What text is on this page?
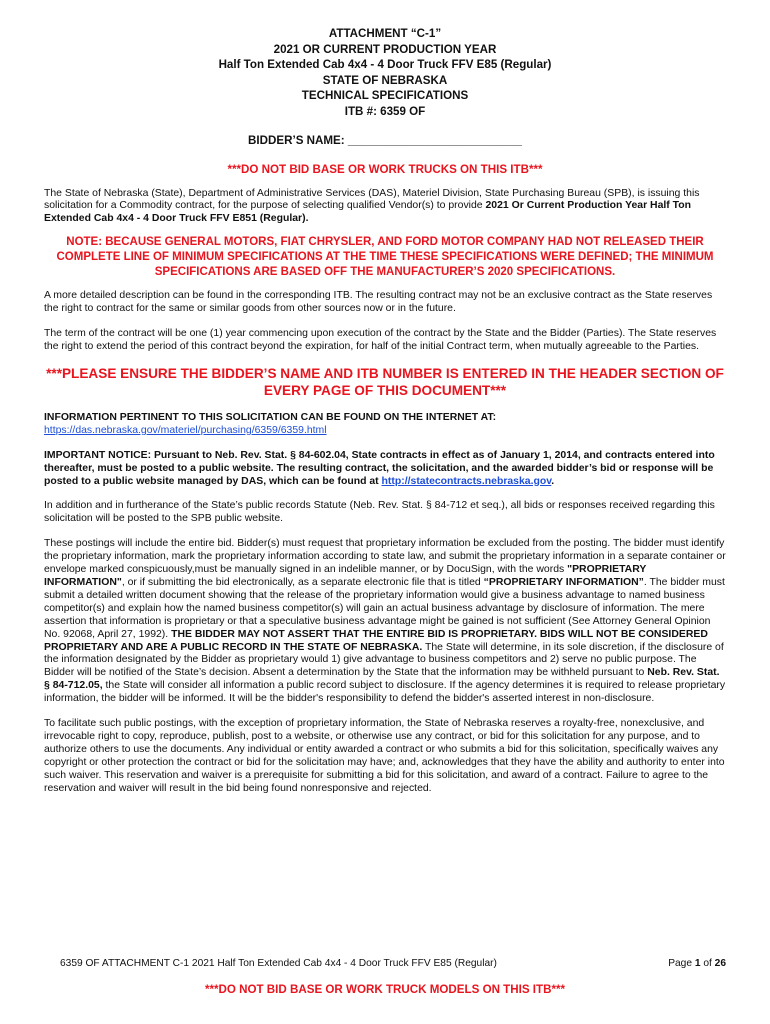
ATTACHMENT “C-1”
2021 OR CURRENT PRODUCTION YEAR
Half Ton Extended Cab 4x4 - 4 Door Truck FFV E85 (Regular)
STATE OF NEBRASKA
TECHNICAL SPECIFICATIONS
ITB #: 6359 OF
BIDDER’S NAME: ___________________________
***DO NOT BID BASE OR WORK TRUCKS ON THIS ITB***

The State of Nebraska (State), Department of Administrative Services (DAS), Materiel Division, State Purchasing Bureau (SPB), is issuing this solicitation for a Commodity contract, for the purpose of selecting qualified Vendor(s) to provide 2021 Or Current Production Year Half Ton Extended Cab 4x4 - 4 Door Truck FFV E851 (Regular).

NOTE: BECAUSE GENERAL MOTORS, FIAT CHRYSLER, AND FORD MOTOR COMPANY HAD NOT RELEASED THEIR COMPLETE LINE OF MINIMUM SPECIFICATIONS AT THE TIME THESE SPECIFICATIONS WERE DEFINED; THE MINIMUM SPECIFICATIONS ARE BASED OFF THE MANUFACTURER’S 2020 SPECIFICATIONS.

A more detailed description can be found in the corresponding ITB. The resulting contract may not be an exclusive contract as the State reserves the right to contract for the same or similar goods from other sources now or in the future.

The term of the contract will be one (1) year commencing upon execution of the contract by the State and the Bidder (Parties). The State reserves the right to extend the period of this contract beyond the expiration, for half of the initial Contract term, when mutually agreeable to the Parties.

***PLEASE ENSURE THE BIDDER’S NAME AND ITB NUMBER IS ENTERED IN THE HEADER SECTION OF EVERY PAGE OF THIS DOCUMENT***

INFORMATION PERTINENT TO THIS SOLICITATION CAN BE FOUND ON THE INTERNET AT:
https://das.nebraska.gov/materiel/purchasing/6359/6359.html

IMPORTANT NOTICE: Pursuant to Neb. Rev. Stat. § 84-602.04, State contracts in effect as of January 1, 2014, and contracts entered into thereafter, must be posted to a public website. The resulting contract, the solicitation, and the awarded bidder’s bid or response will be posted to a public website managed by DAS, which can be found at http://statecontracts.nebraska.gov.

In addition and in furtherance of the State’s public records Statute (Neb. Rev. Stat. § 84-712 et seq.), all bids or responses received regarding this solicitation will be posted to the SPB public website.

These postings will include the entire bid. Bidder(s) must request that proprietary information be excluded from the posting. The bidder must identify the proprietary information, mark the proprietary information according to state law, and submit the proprietary information in a separate container or envelope marked conspicuously,must be manually signed in an indelible manner, or by DocuSign, with the words "PROPRIETARY INFORMATION", or if submitting the bid electronically, as a separate electronic file that is titled “PROPRIETARY INFORMATION”. The bidder must submit a detailed written document showing that the release of the proprietary information would give a business advantage to named business competitor(s) and explain how the named business competitor(s) will gain an actual business advantage by disclosure of information. The mere assertion that information is proprietary or that a speculative business advantage might be gained is not sufficient (See Attorney General Opinion No. 92068, April 27, 1992). THE BIDDER MAY NOT ASSERT THAT THE ENTIRE BID IS PROPRIETARY. BIDS WILL NOT BE CONSIDERED PROPRIETARY AND ARE A PUBLIC RECORD IN THE STATE OF NEBRASKA. The State will determine, in its sole discretion, if the disclosure of the information designated by the Bidder as proprietary would 1) give advantage to business competitors and 2) serve no public purpose. The Bidder will be notified of the State’s decision. Absent a determination by the State that the information may be withheld pursuant to Neb. Rev. Stat. § 84-712.05, the State will consider all information a public record subject to disclosure. If the agency determines it is required to release proprietary information, the bidder will be informed. It will be the bidder's responsibility to defend the bidder's asserted interest in non-disclosure.

To facilitate such public postings, with the exception of proprietary information, the State of Nebraska reserves a royalty-free, nonexclusive, and irrevocable right to copy, reproduce, publish, post to a website, or otherwise use any contract, or bid for this solicitation for any purpose, and to authorize others to use the documents. Any individual or entity awarded a contract or who submits a bid for this solicitation, specifically waives any copyright or other protection the contract or bid for the solicitation may have; and, acknowledges that they have the ability and authority to enter into such waiver. This reservation and waiver is a prerequisite for submitting a bid for this solicitation, and award of a contract. Failure to agree to the reservation and waiver will result in the bid being found nonresponsive and rejected.

6359 OF ATTACHMENT C-1 2021 Half Ton Extended Cab 4x4 - 4 Door Truck FFV E85 (Regular)	Page 1 of 26
***DO NOT BID BASE OR WORK TRUCK MODELS ON THIS ITB***
